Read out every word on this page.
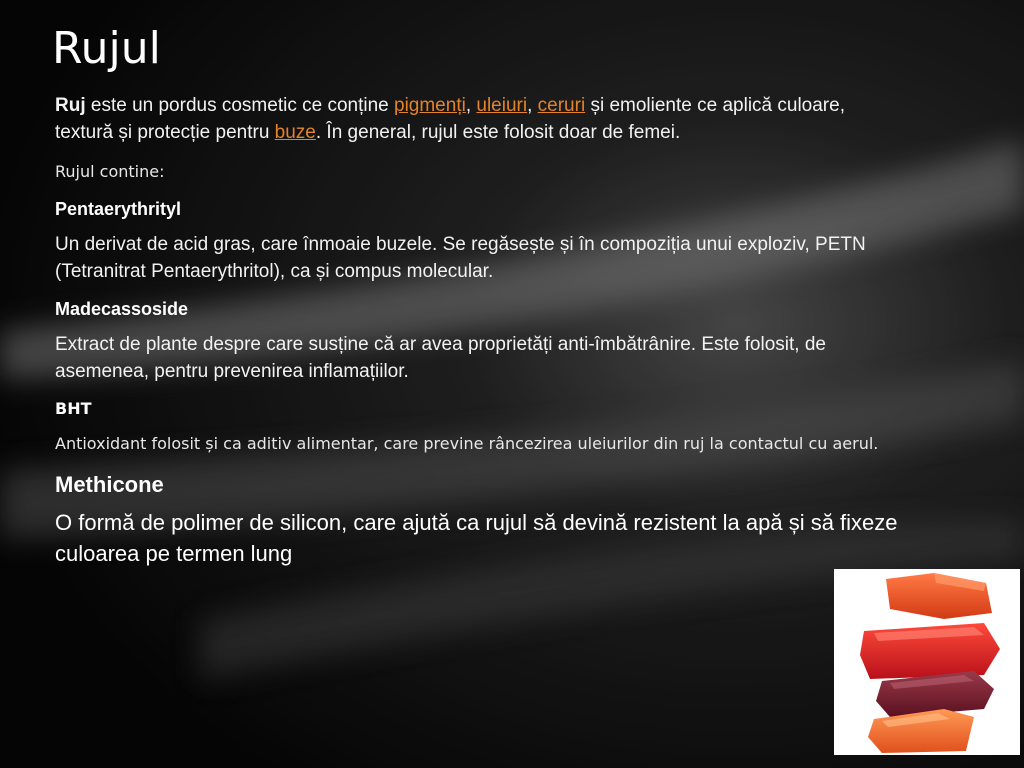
Rujul

Ruj este un pordus cosmetic ce conține pigmenți, uleiuri, ceruri și emoliente ce aplică culoare, textură și protecție pentru buze. În general, rujul este folosit doar de femei.

Rujul contine:

Pentaerythrityl

Un derivat de acid gras, care înmoaie buzele. Se regăsește și în compoziția unui exploziv, PETN (Tetranitrat Pentaerythritol), ca și compus molecular.

Madecassoside

Extract de plante despre care susține că ar avea proprietăți anti-îmbătrânire. Este folosit, de asemenea, pentru prevenirea inflamațiilor.

BHT

Antioxidant folosit și ca aditiv alimentar, care previne râncezirea uleiurilor din ruj la contactul cu aerul.

Methicone

O formă de polimer de silicon, care ajută ca rujul să devină rezistent la apă și să fixeze culoarea pe termen lung
